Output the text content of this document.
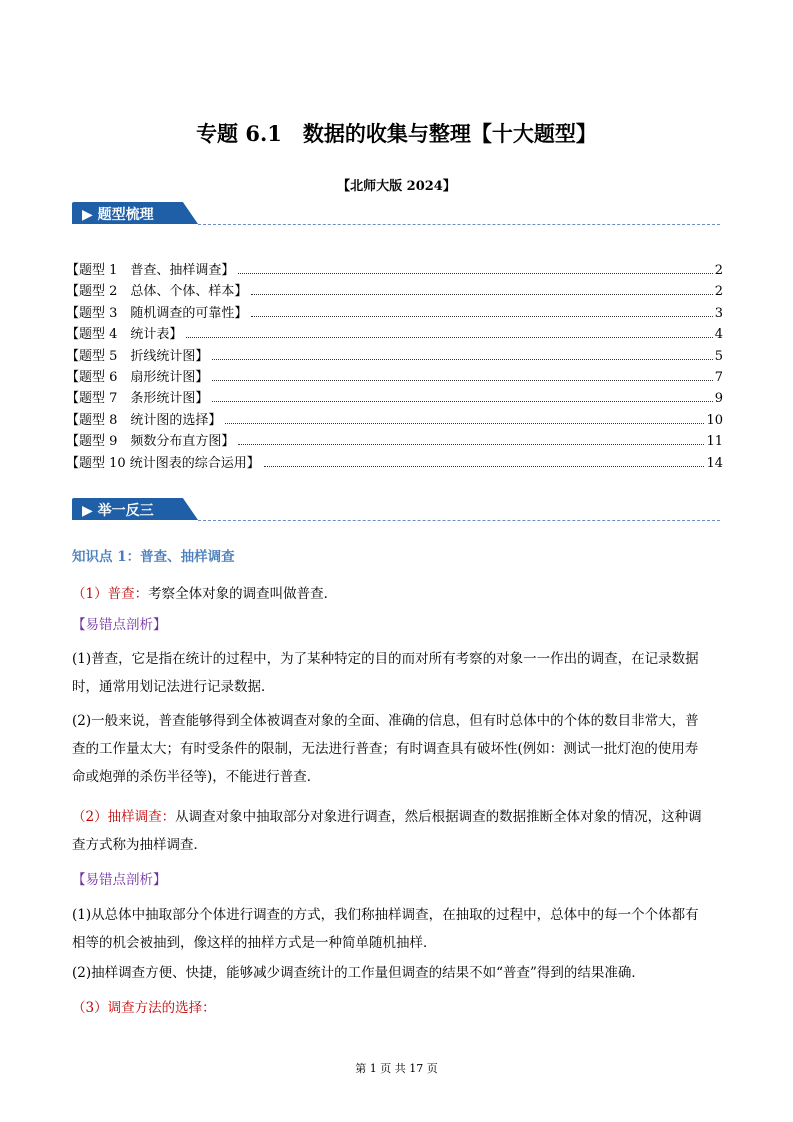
专题 6.1　数据的收集与整理【十大题型】
【北师大版 2024】
▶ 题型梳理
【题型 1　普查、抽样调查】	2
【题型 2　总体、个体、样本】	2
【题型 3　随机调查的可靠性】	3
【题型 4　统计表】	4
【题型 5　折线统计图】	5
【题型 6　扇形统计图】	7
【题型 7　条形统计图】	9
【题型 8　统计图的选择】	10
【题型 9　频数分布直方图】	11
【题型 10 统计图表的综合运用】	14
▶ 举一反三
知识点 1：普查、抽样调查
（1）普查：考察全体对象的调查叫做普查．
【易错点剖析】
(1)普查，它是指在统计的过程中，为了某种特定的目的而对所有考察的对象一一作出的调查，在记录数据
时，通常用划记法进行记录数据．
(2)一般来说，普查能够得到全体被调查对象的全面、准确的信息，但有时总体中的个体的数目非常大，普
查的工作量太大；有时受条件的限制，无法进行普查；有时调查具有破坏性(例如：测试一批灯泡的使用寿
命或炮弹的杀伤半径等)，不能进行普查．
（2）抽样调查：从调查对象中抽取部分对象进行调查，然后根据调查的数据推断全体对象的情况，这种调
查方式称为抽样调查．
【易错点剖析】
(1)从总体中抽取部分个体进行调查的方式，我们称抽样调查，在抽取的过程中，总体中的每一个个体都有
相等的机会被抽到，像这样的抽样方式是一种简单随机抽样．
(2)抽样调查方便、快捷，能够减少调查统计的工作量但调查的结果不如“普查”得到的结果准确．
（3）调查方法的选择：
第 1 页 共 17 页
